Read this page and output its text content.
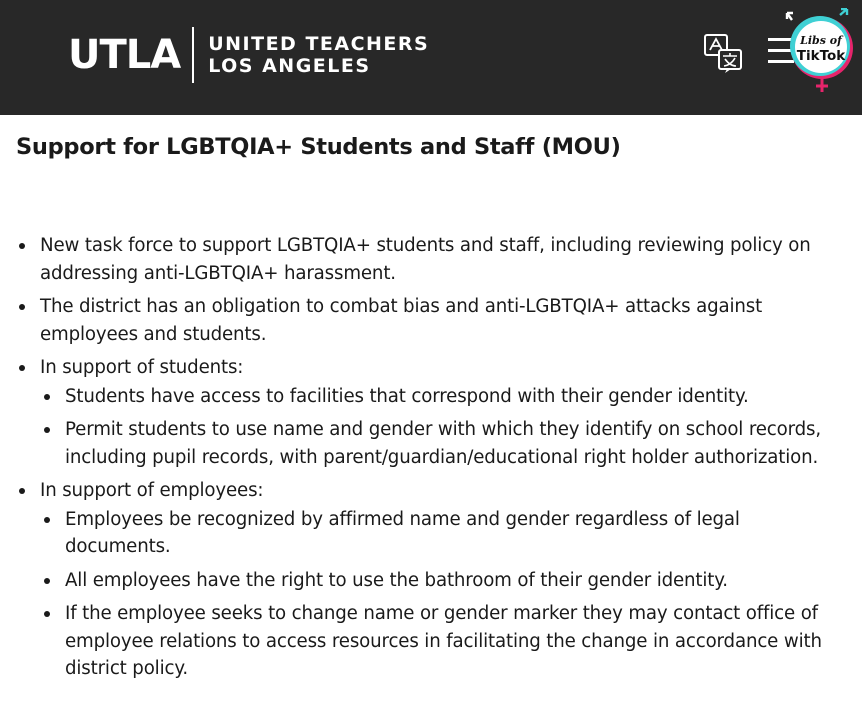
UTLA UNITED TEACHERS
LOS ANGELES
Libs of
TikTok
Support for LGBTQIA+ Students and Staff (MOU)
New task force to support LGBTQIA+ students and staff, including reviewing policy on addressing anti-LGBTQIA+ harassment.
The district has an obligation to combat bias and anti-LGBTQIA+ attacks against employees and students.
In support of students:
Students have access to facilities that correspond with their gender identity.
Permit students to use name and gender with which they identify on school records, including pupil records, with parent/guardian/educational right holder authorization.
In support of employees:
Employees be recognized by affirmed name and gender regardless of legal documents.
All employees have the right to use the bathroom of their gender identity.
If the employee seeks to change name or gender marker they may contact office of employee relations to access resources in facilitating the change in accordance with district policy.
